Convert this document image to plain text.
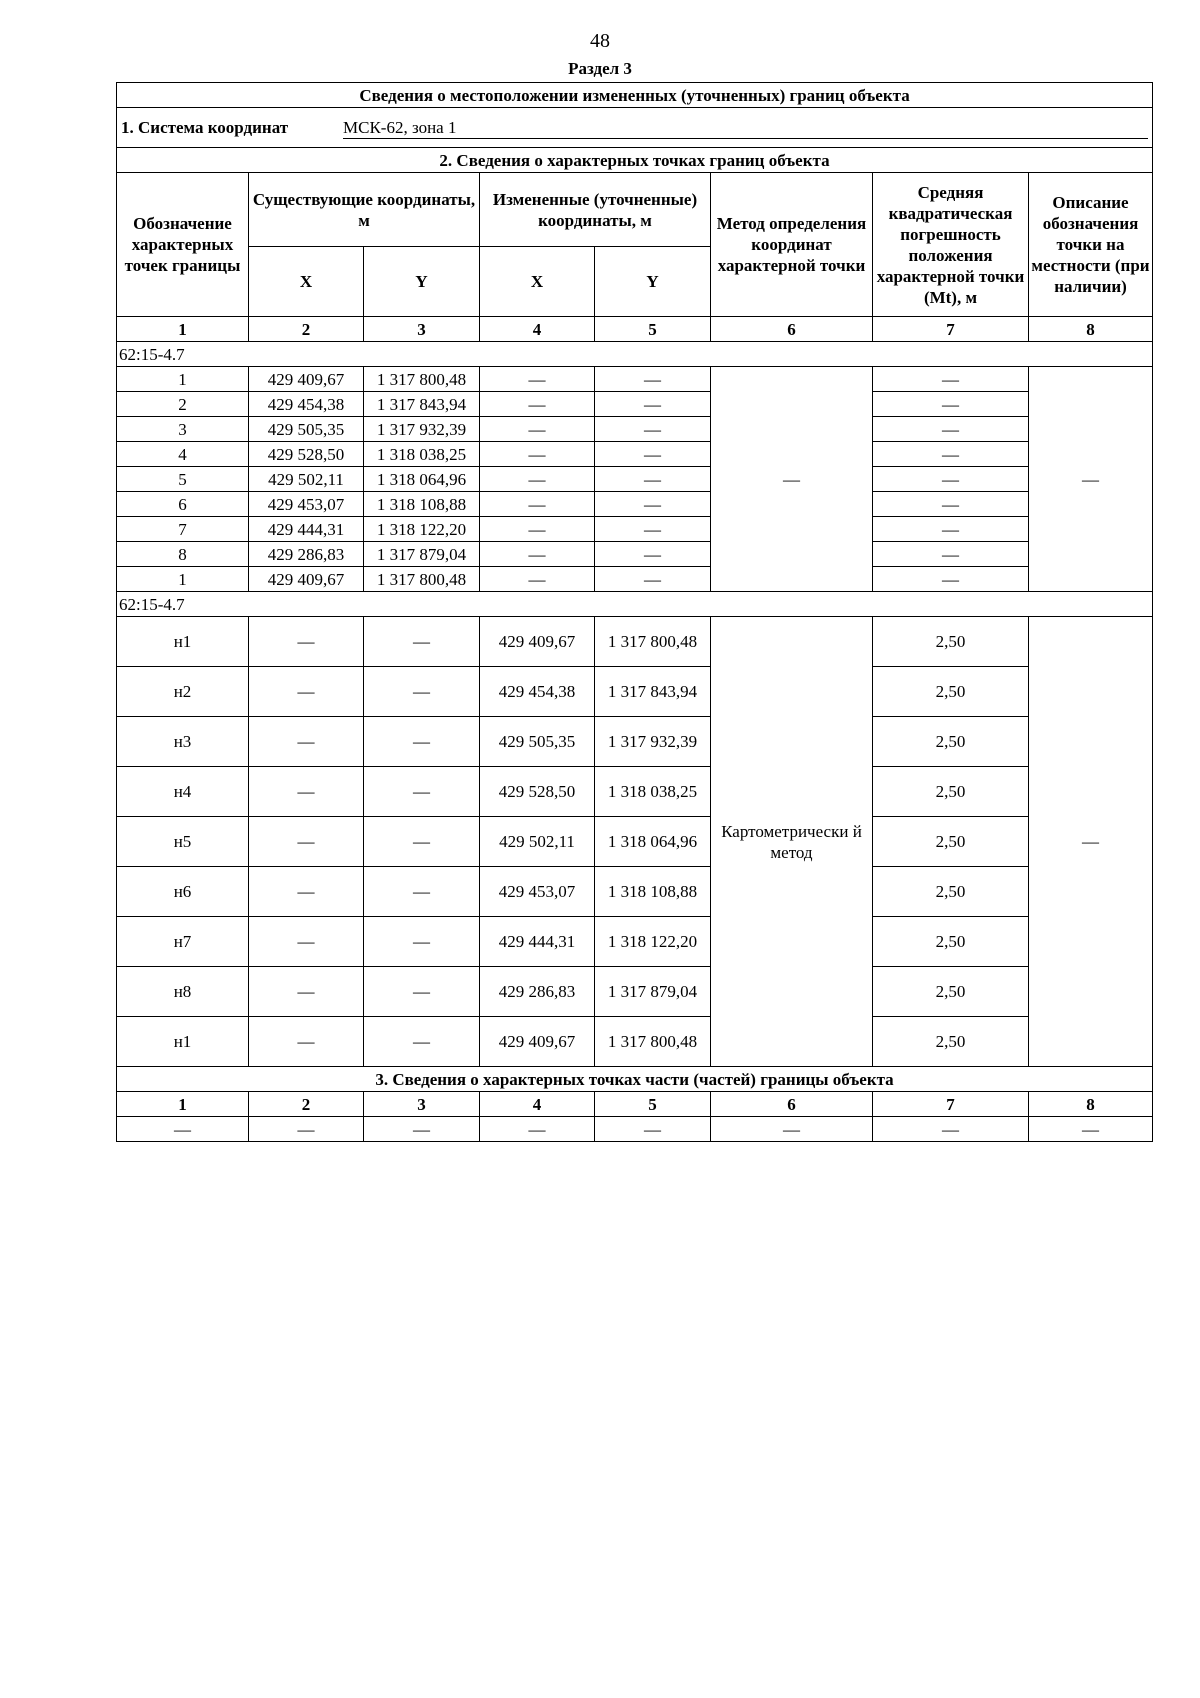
48
Раздел 3
Сведения о местоположении измененных (уточненных) границ объекта							
1. Система координат МСК-62, зона 1							
2. Сведения о характерных точках границ объекта							
Обозначение характерных точек границы	Существующие координаты, м		Измененные (уточненные) координаты, м		Метод определения координат характерной точки	Средняя квадратическая погрешность положения характерной точки (Mt), м	Описание обозначения точки на местности (при наличии)
	X	Y	X	Y			
1	2	3	4	5	6	7	8
62:15-4.7							
1	429 409,67	1 317 800,48	—	—	—	—	—
2	429 454,38	1 317 843,94	—	—		—	
3	429 505,35	1 317 932,39	—	—		—	
4	429 528,50	1 318 038,25	—	—		—	
5	429 502,11	1 318 064,96	—	—		—	
6	429 453,07	1 318 108,88	—	—		—	
7	429 444,31	1 318 122,20	—	—		—	
8	429 286,83	1 317 879,04	—	—		—	
1	429 409,67	1 317 800,48	—	—		—	
62:15-4.7							
н1	—	—	429 409,67	1 317 800,48	Картометрически й метод	2,50	—
н2	—	—	429 454,38	1 317 843,94		2,50	
н3	—	—	429 505,35	1 317 932,39		2,50	
н4	—	—	429 528,50	1 318 038,25		2,50	
н5	—	—	429 502,11	1 318 064,96		2,50	
н6	—	—	429 453,07	1 318 108,88		2,50	
н7	—	—	429 444,31	1 318 122,20		2,50	
н8	—	—	429 286,83	1 317 879,04		2,50	
н1	—	—	429 409,67	1 317 800,48		2,50	
3. Сведения о характерных точках части (частей) границы объекта							
1	2	3	4	5	6	7	8
—	—	—	—	—	—	—	—
